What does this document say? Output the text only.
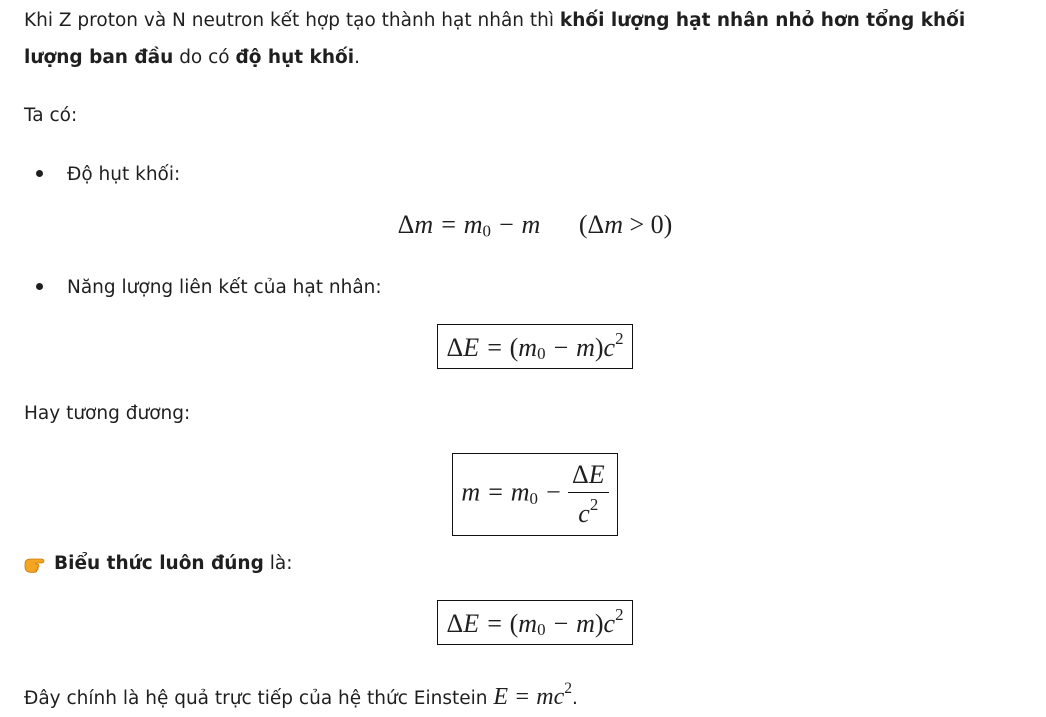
Khi Z proton và N neutron kết hợp tạo thành hạt nhân thì khối lượng hạt nhân nhỏ hơn tổng khối lượng ban đầu do có độ hụt khối.
Ta có:
Độ hụt khối:
$\Delta m = m_0 - m$ (Δm > 0)
Năng lượng liên kết của hạt nhân:
$\Delta E = (m_0 - m)c^2$
Hay tương đương:
$m = m_0 - \frac{\Delta E}{c^2}$
Biểu thức luôn đúng là:
$\Delta E = (m_0 - m)c^2$
Đây chính là hệ quả trực tiếp của hệ thức Einstein $E = mc^2$.
